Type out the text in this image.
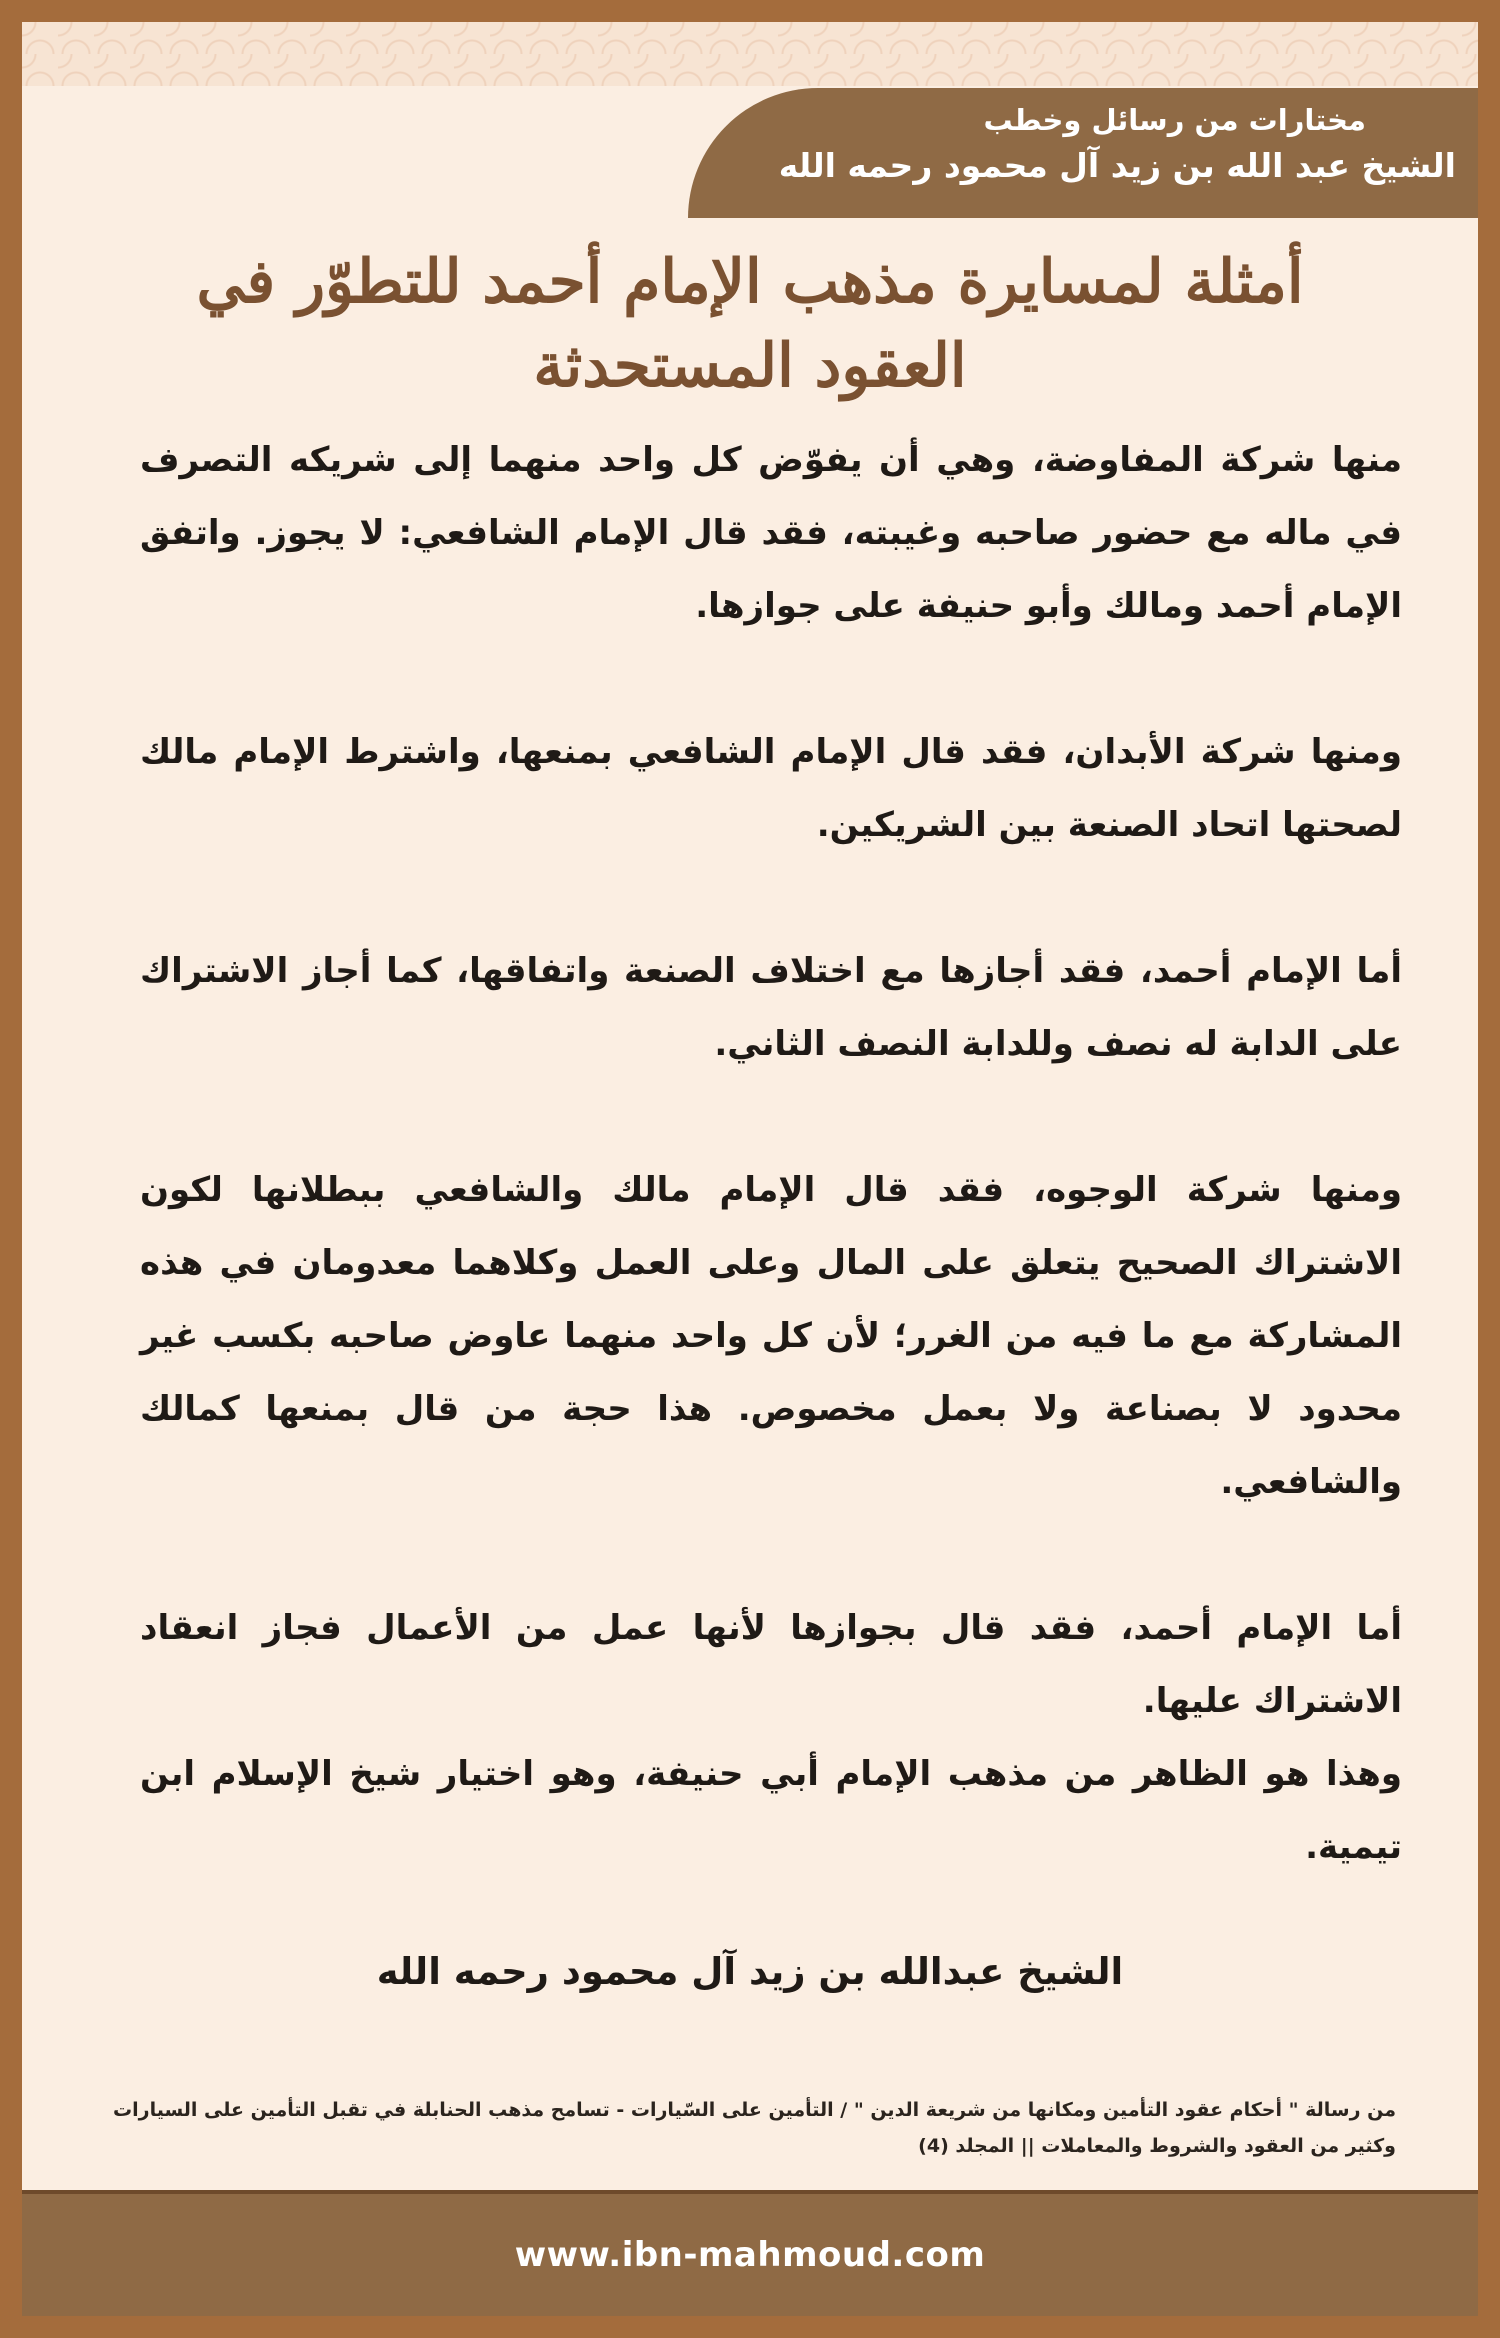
مختارات من رسائل وخطب
الشيخ عبد الله بن زيد آل محمود رحمه الله
أمثلة لمسايرة مذهب الإمام أحمد للتطوّر في العقود المستحدثة

منها شركة المفاوضة، وهي أن يفوّض كل واحد منهما إلى شريكه التصرف في ماله مع حضور صاحبه وغيبته، فقد قال الإمام الشافعي: لا يجوز. واتفق الإمام أحمد ومالك وأبو حنيفة على جوازها.

ومنها شركة الأبدان، فقد قال الإمام الشافعي بمنعها، واشترط الإمام مالك لصحتها اتحاد الصنعة بين الشريكين.

أما الإمام أحمد، فقد أجازها مع اختلاف الصنعة واتفاقها، كما أجاز الاشتراك على الدابة له نصف وللدابة النصف الثاني.

ومنها شركة الوجوه، فقد قال الإمام مالك والشافعي ببطلانها لكون الاشتراك الصحيح يتعلق على المال وعلى العمل وكلاهما معدومان في هذه المشاركة مع ما فيه من الغرر؛ لأن كل واحد منهما عاوض صاحبه بكسب غير محدود لا بصناعة ولا بعمل مخصوص. هذا حجة من قال بمنعها كمالك والشافعي.

أما الإمام أحمد، فقد قال بجوازها لأنها عمل من الأعمال فجاز انعقاد الاشتراك عليها.

وهذا هو الظاهر من مذهب الإمام أبي حنيفة، وهو اختيار شيخ الإسلام ابن تيمية.

الشيخ عبدالله بن زيد آل محمود رحمه الله
من رسالة " أحكام عقود التأمين ومكانها من شريعة الدين " / التأمين على السّيارات - تسامح مذهب الحنابلة في تقبل التأمين على السيارات وكثير من العقود والشروط والمعاملات || المجلد (4)
www.ibn-mahmoud.com
